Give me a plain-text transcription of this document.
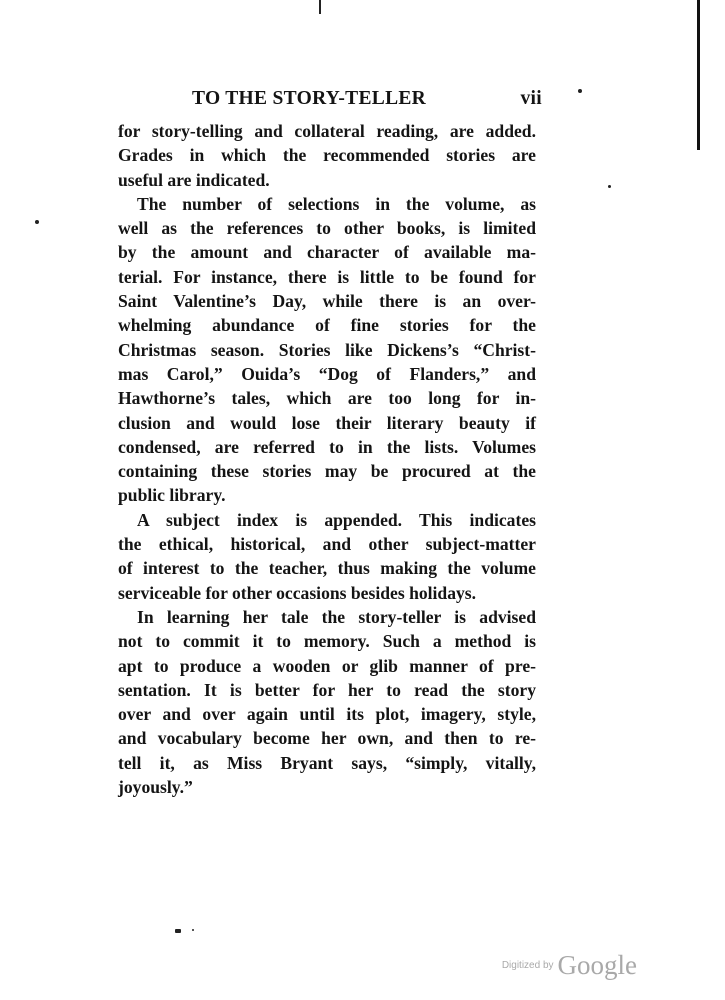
TO THE STORY-TELLER	vii
for story-telling and collateral reading, are added.
Grades in which the recommended stories are
useful are indicated.
The number of selections in the volume, as
well as the references to other books, is limited
by the amount and character of available ma-
terial. For instance, there is little to be found for
Saint Valentine’s Day, while there is an over-
whelming abundance of fine stories for the
Christmas season. Stories like Dickens’s “Christ-
mas Carol,” Ouida’s “Dog of Flanders,” and
Hawthorne’s tales, which are too long for in-
clusion and would lose their literary beauty if
condensed, are referred to in the lists. Volumes
containing these stories may be procured at the
public library.
A subject index is appended. This indicates
the ethical, historical, and other subject-matter
of interest to the teacher, thus making the volume
serviceable for other occasions besides holidays.
In learning her tale the story-teller is advised
not to commit it to memory. Such a method is
apt to produce a wooden or glib manner of pre-
sentation. It is better for her to read the story
over and over again until its plot, imagery, style,
and vocabulary become her own, and then to re-
tell it, as Miss Bryant says, “simply, vitally,
joyously.”
Digitized by Google
